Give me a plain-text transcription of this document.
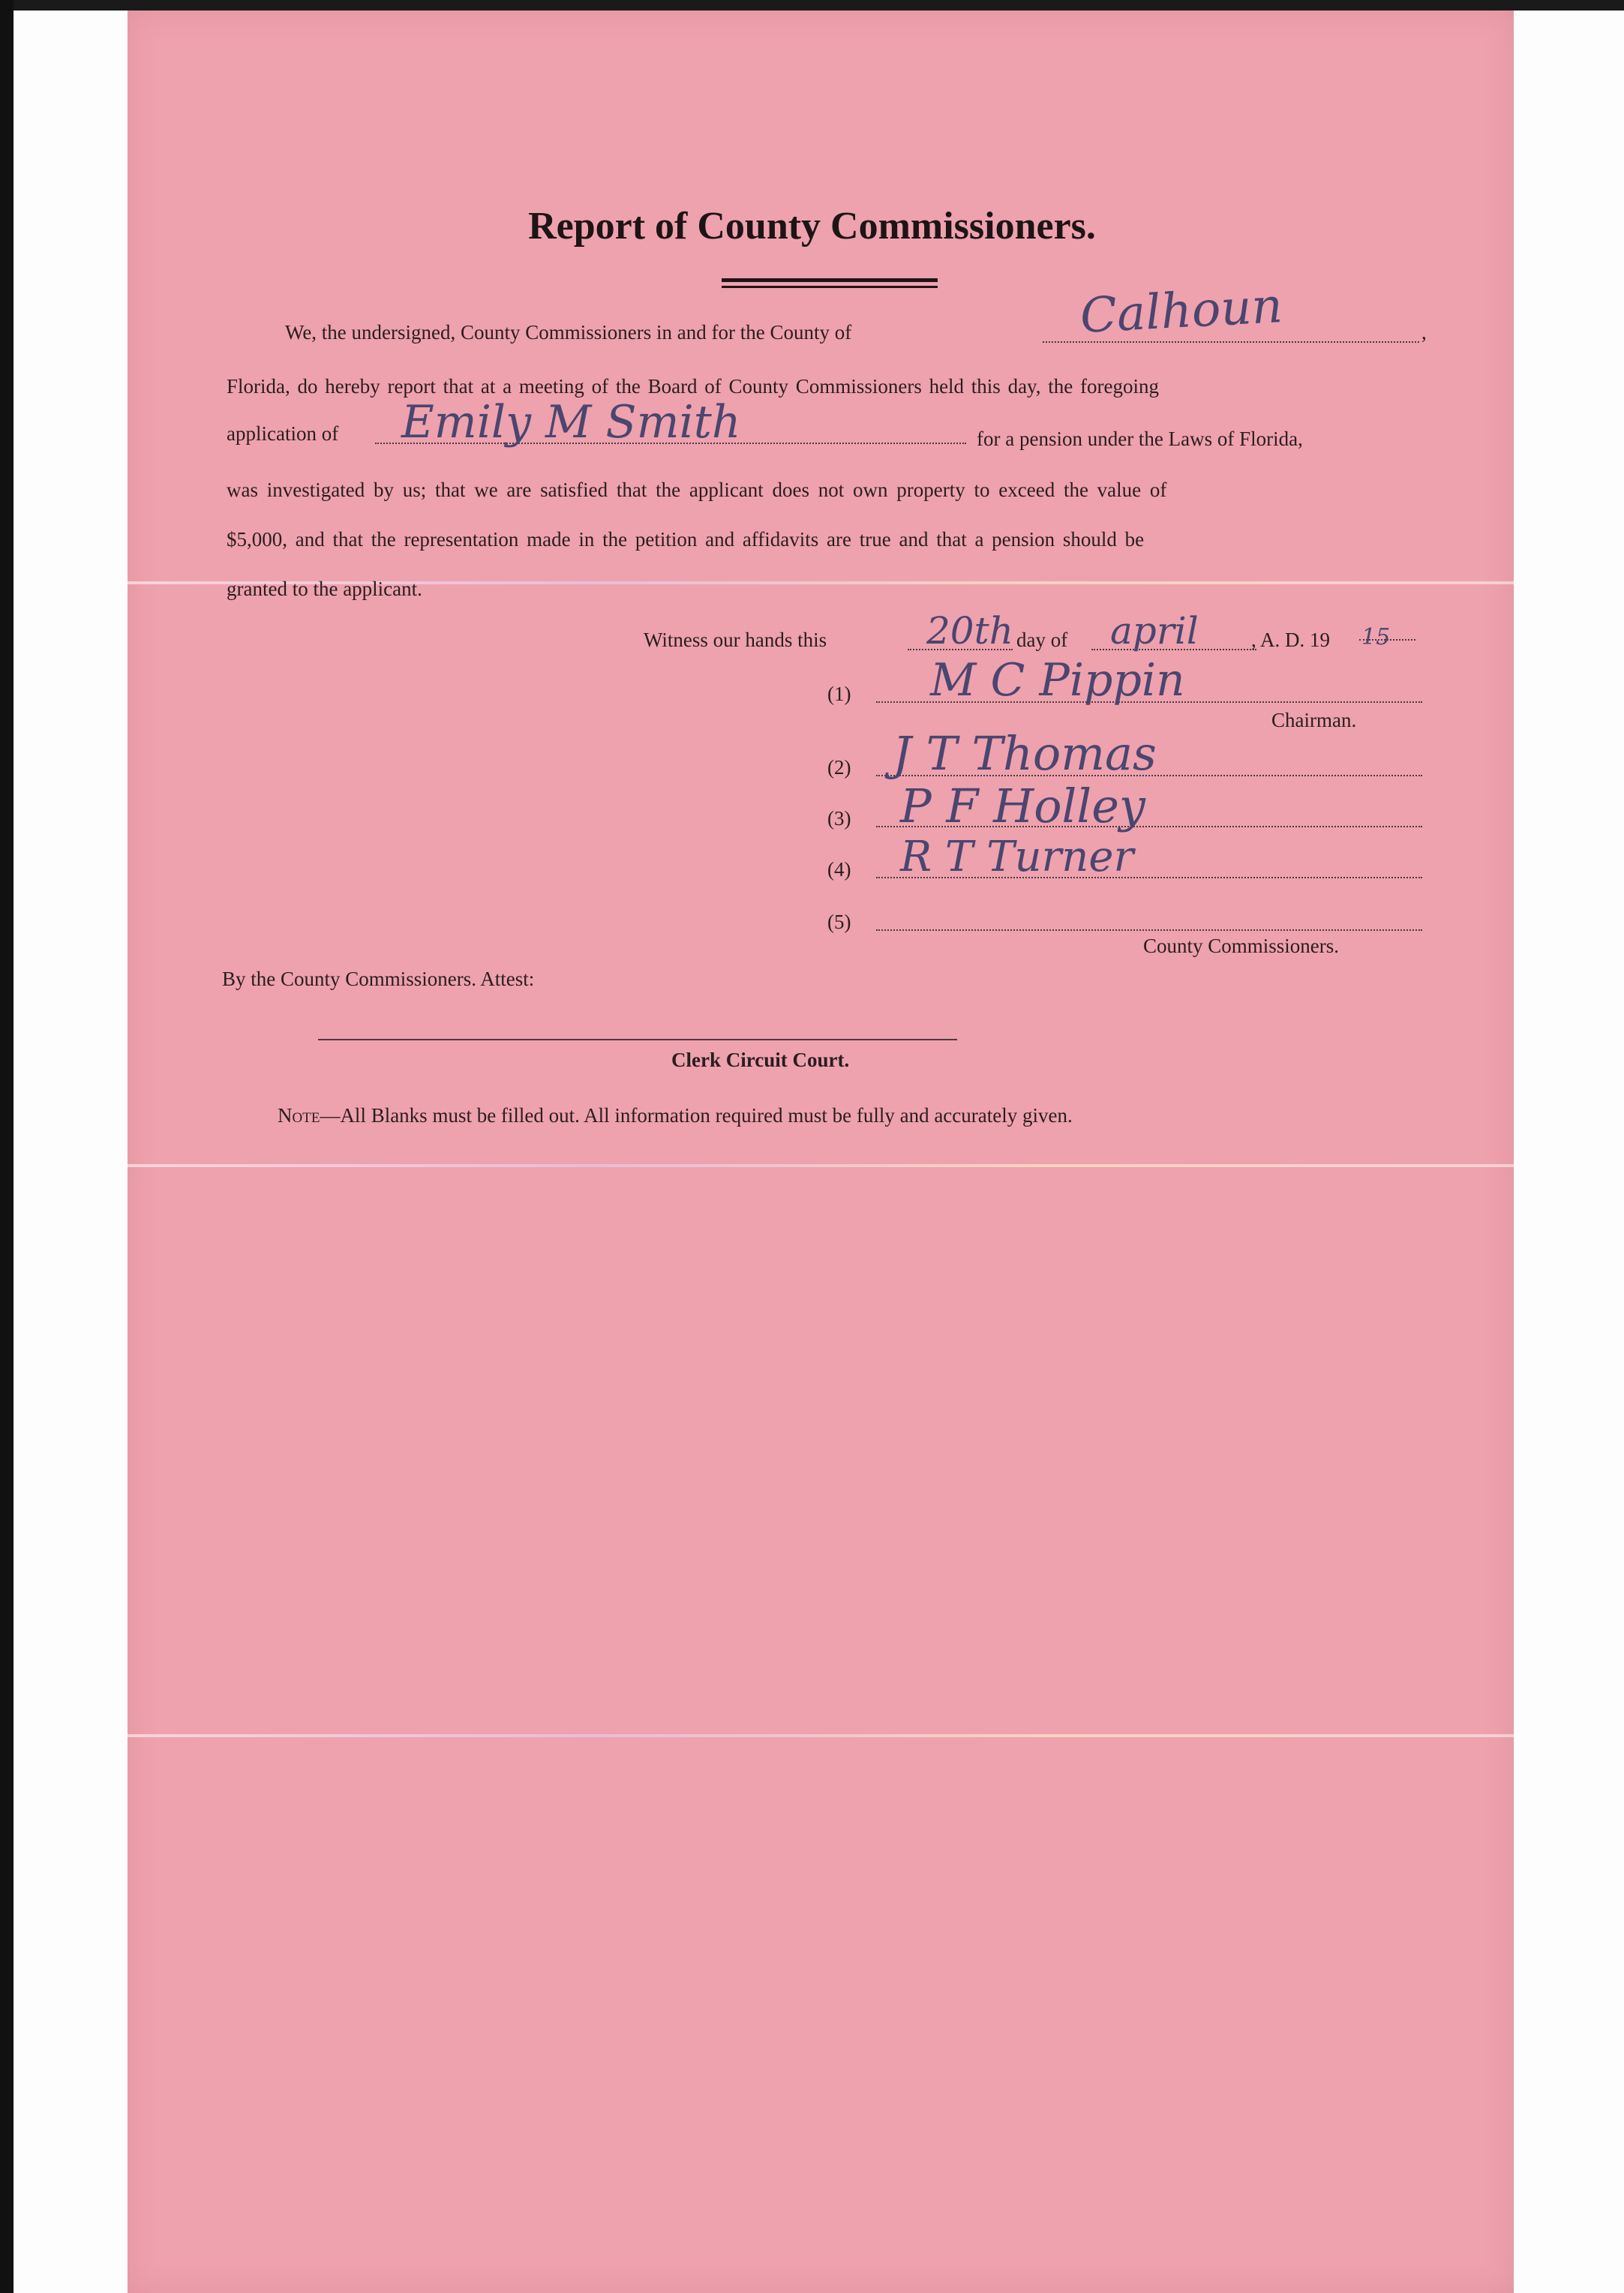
Report of County Commissioners.
We, the undersigned, County Commissioners in and for the County of	Calhoun	,
Florida, do hereby report that at a meeting of the Board of County Commissioners held this day, the foregoing
application of Emily M Smith	for a pension under the Laws of Florida,
was investigated by us; that we are satisfied that the applicant does not own property to exceed the value of
$5,000, and that the representation made in the petition and affidavits are true and that a pension should be
granted to the applicant.
Witness our hands this	20th day of april	, A. D. 19 15
(1) M C Pippin
Chairman.
(2) J T Thomas
(3) P F Holley
(4) R T Turner
(5)
County Commissioners.
By the County Commissioners. Attest:
Clerk Circuit Court.
Note—All Blanks must be filled out. All information required must be fully and accurately given.
